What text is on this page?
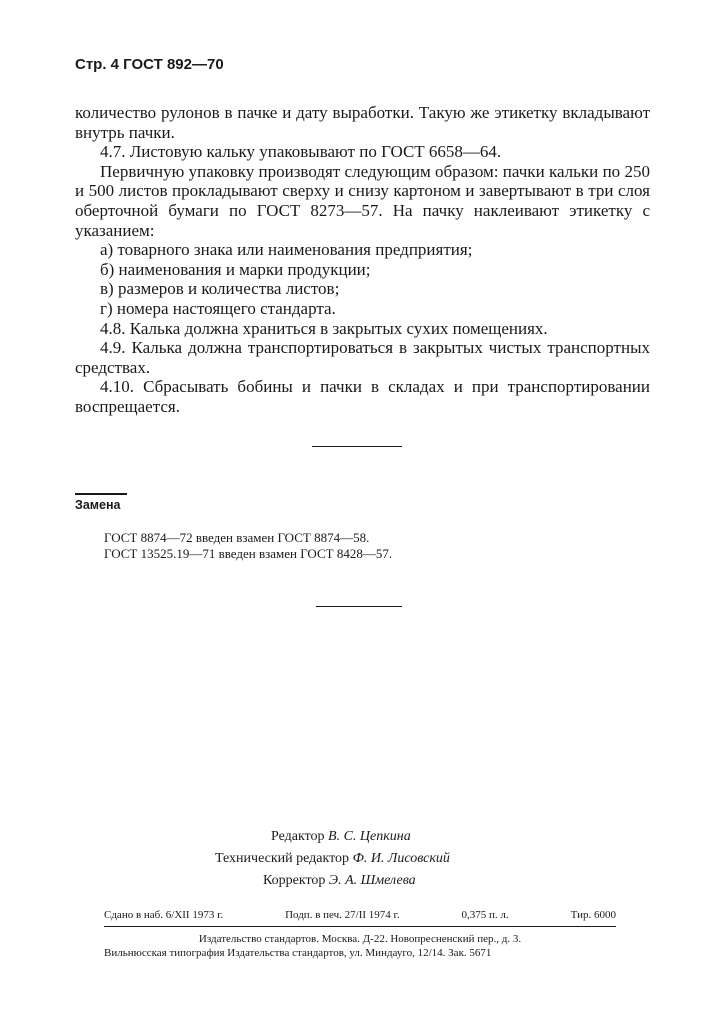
Стр. 4 ГОСТ 892—70

количество рулонов в пачке и дату выработки. Такую же этикетку вкладывают внутрь пачки.

4.7. Листовую кальку упаковывают по ГОСТ 6658—64.

Первичную упаковку производят следующим образом: пачки кальки по 250 и 500 листов прокладывают сверху и снизу картоном и завертывают в три слоя оберточной бумаги по ГОСТ 8273—57. На пачку наклеивают этикетку с указанием:

а) товарного знака или наименования предприятия;

б) наименования и марки продукции;

в) размеров и количества листов;

г) номера настоящего стандарта.

4.8. Калька должна храниться в закрытых сухих помещениях.

4.9. Калька должна транспортироваться в закрытых чистых транспортных средствах.

4.10. Сбрасывать бобины и пачки в складах и при транспортировании воспрещается.

Замена
ГОСТ 8874—72 введен взамен ГОСТ 8874—58.
ГОСТ 13525.19—71 введен взамен ГОСТ 8428—57.
Редактор В. С. Цепкина
Технический редактор Ф. И. Лисовский
Корректор Э. А. Шмелева
Сдано в наб. 6/XII 1973 г.	Подп. в печ. 27/II 1974 г.	0,375 п. л.	Тир. 6000
Издательство стандартов. Москва. Д-22. Новопресненский пер., д. 3.
Вильнюсская типография Издательства стандартов, ул. Миндауго, 12/14. Зак. 5671
